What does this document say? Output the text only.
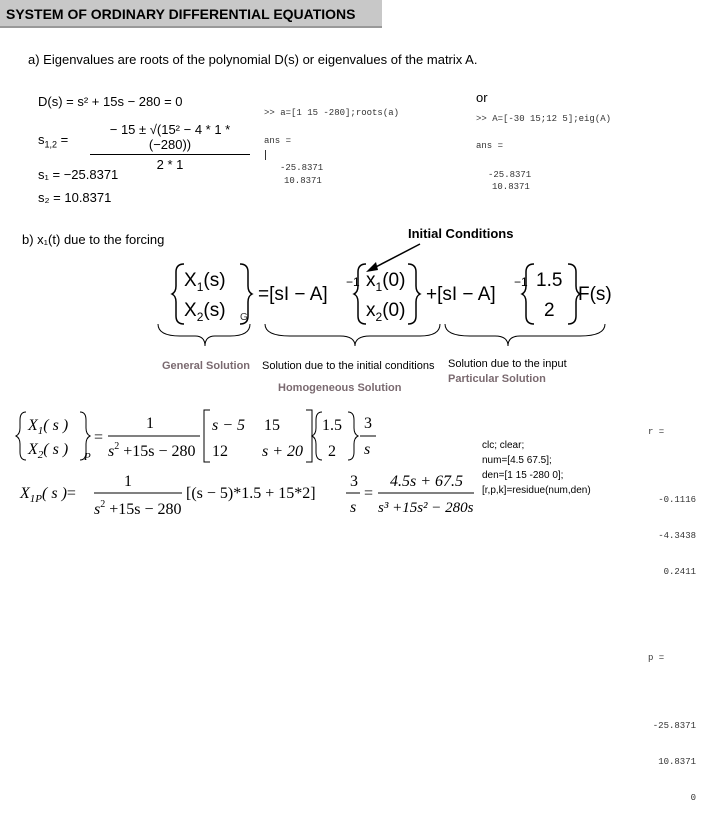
SYSTEM OF ORDINARY DIFFERENTIAL EQUATIONS
a) Eigenvalues are roots of the polynomial D(s) or eigenvalues of the matrix A.
or
D(s) = s² + 15s − 280 = 0
$s_{1,2}$ =
− 15 ± √(15² − 4 * 1 * (−280))
2 * 1
s₁ = −25.8371
s₂ = 10.8371
>> a=[1 15 -280];roots(a)
ans =
-25.8371
10.8371
>> A=[-30 15;12 5];eig(A)
ans =
-25.8371
10.8371
b) x₁(t) due to the forcing	Initial Conditions
$X_1(s)$
$X_2(s)$ G
=[sI − A]
−1 $x_1(0)$
$x_2(0)$
+[sI − A]
−1 1.5
2
F(s)
General Solution Solution due to the initial conditions
Homogeneous Solution
Solution due to the input
Particular Solution
$X_1$( s )
$X_2$( s ) P
=
1
$s^2 +15s - 280$
s − 5 15
12 s + 20
1.5
2
3
s
$X_1P$( s )=
1
$s^2 +15s - 280$
[(s − 5)*1.5 + 15*2]
3
s
=
4.5s + 67.5
s³ +15s² − 280s
clc; clear;
num=[4.5 67.5];
den=[1 15 -280 0];
[r,p,k]=residue(num,den)

r =

-0.1116

-4.3438

0.2411

p =

-25.8371

10.8371

0
